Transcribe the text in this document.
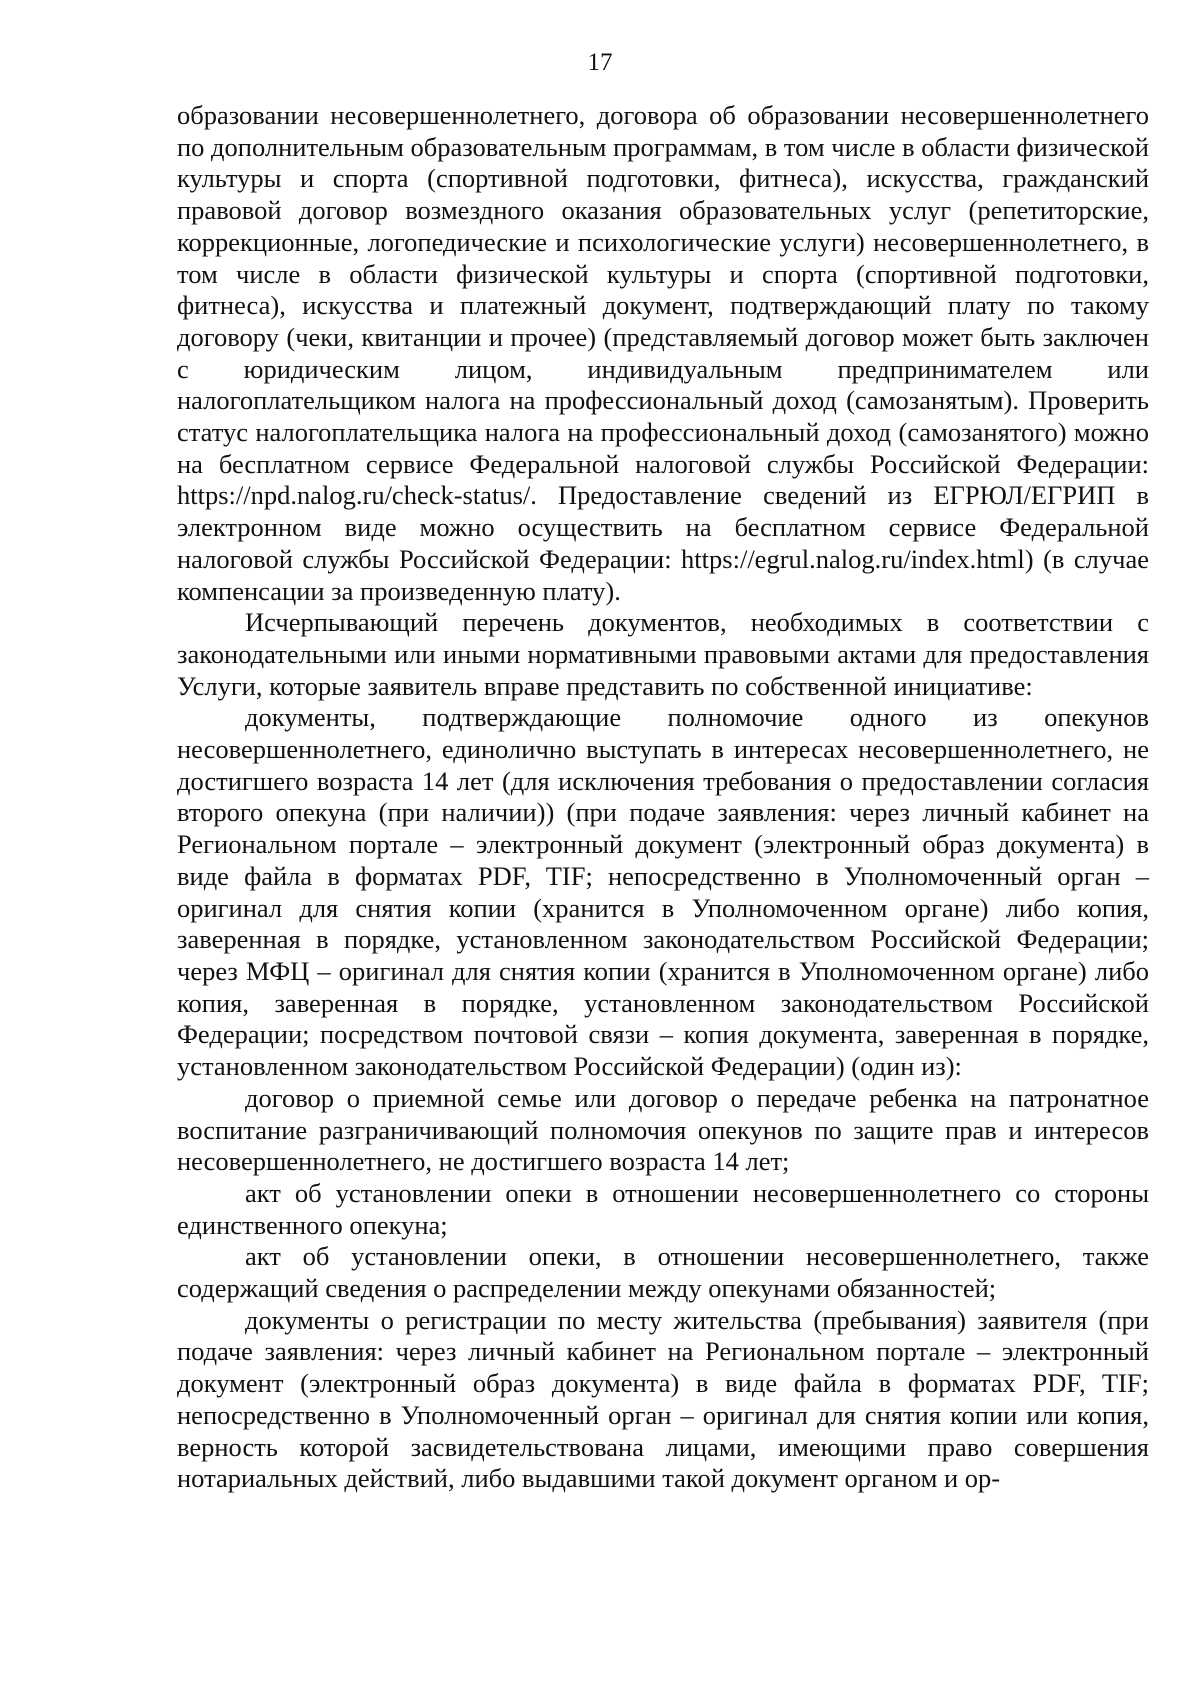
17

образовании несовершеннолетнего, договора об образовании несовершеннолетнего по дополнительным образовательным программам, в том числе в области физической культуры и спорта (спортивной подготовки, фитнеса), искусства, гражданский правовой договор возмездного оказания образовательных услуг (репетиторские, коррекционные, логопедические и психологические услуги) несовершеннолетнего, в том числе в области физической культуры и спорта (спортивной подготовки, фитнеса), искусства и платежный документ, подтверждающий плату по такому договору (чеки, квитанции и прочее) (представляемый договор может быть заключен с юридическим лицом, индивидуальным предпринимателем или налогоплательщиком налога на профессиональный доход (самозанятым). Проверить статус налогоплательщика налога на профессиональный доход (самозанятого) можно на бесплатном сервисе Федеральной налоговой службы Российской Федерации: https://npd.nalog.ru/check-status/. Предоставление сведений из ЕГРЮЛ/ЕГРИП в электронном виде можно осуществить на бесплатном сервисе Федеральной налоговой службы Российской Федерации: https://egrul.nalog.ru/index.html) (в случае компенсации за произведенную плату).

Исчерпывающий перечень документов, необходимых в соответствии с законодательными или иными нормативными правовыми актами для предоставления Услуги, которые заявитель вправе представить по собственной инициативе:

документы, подтверждающие полномочие одного из опекунов несовершеннолетнего, единолично выступать в интересах несовершеннолетнего, не достигшего возраста 14 лет (для исключения требования о предоставлении согласия второго опекуна (при наличии)) (при подаче заявления: через личный кабинет на Региональном портале – электронный документ (электронный образ документа) в виде файла в форматах PDF, TIF; непосредственно в Уполномоченный орган – оригинал для снятия копии (хранится в Уполномоченном органе) либо копия, заверенная в порядке, установленном законодательством Российской Федерации; через МФЦ – оригинал для снятия копии (хранится в Уполномоченном органе) либо копия, заверенная в порядке, установленном законодательством Российской Федерации; посредством почтовой связи – копия документа, заверенная в порядке, установленном законодательством Российской Федерации) (один из):

договор о приемной семье или договор о передаче ребенка на патронатное воспитание разграничивающий полномочия опекунов по защите прав и интересов несовершеннолетнего, не достигшего возраста 14 лет;

акт об установлении опеки в отношении несовершеннолетнего со стороны единственного опекуна;

акт об установлении опеки, в отношении несовершеннолетнего, также содержащий сведения о распределении между опекунами обязанностей;

документы о регистрации по месту жительства (пребывания) заявителя (при подаче заявления: через личный кабинет на Региональном портале – электронный документ (электронный образ документа) в виде файла в форматах PDF, TIF; непосредственно в Уполномоченный орган – оригинал для снятия копии или копия, верность которой засвидетельствована лицами, имеющими право совершения нотариальных действий, либо выдавшими такой документ органом и ор-
